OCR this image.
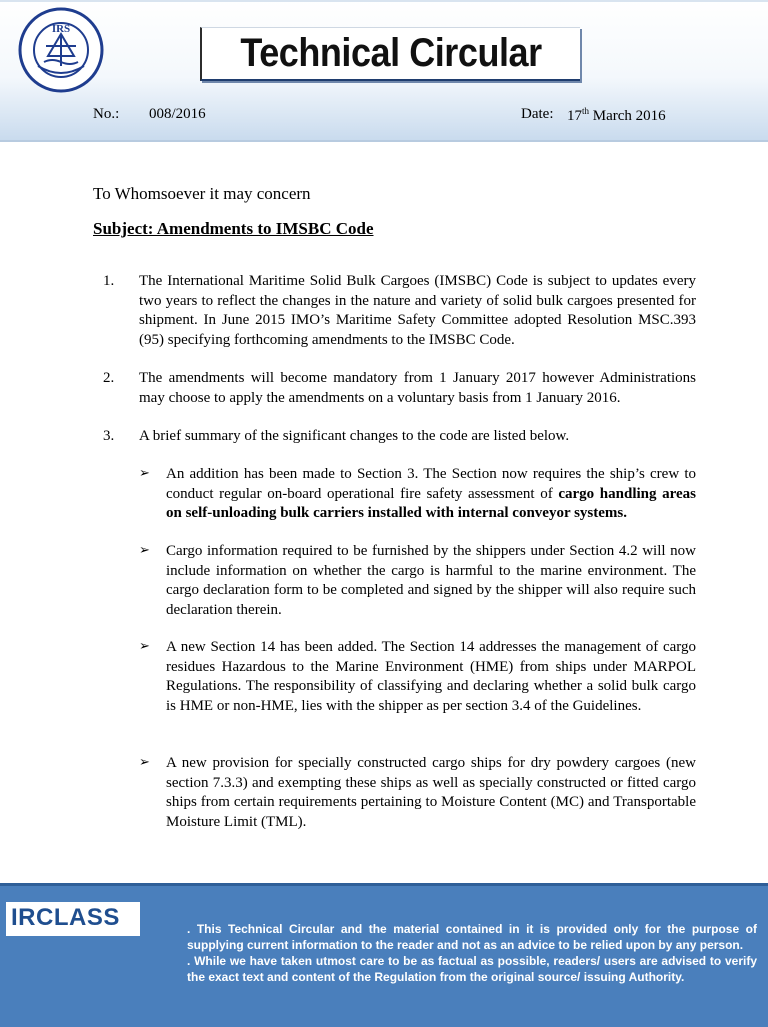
IRS
Technical Circular
No.: 008/2016	Date: 17th March 2016
To Whomsoever it may concern
Subject: Amendments to IMSBC Code
1. The International Maritime Solid Bulk Cargoes (IMSBC) Code is subject to updates every two years to reflect the changes in the nature and variety of solid bulk cargoes presented for shipment. In June 2015 IMO’s Maritime Safety Committee adopted Resolution MSC.393 (95) specifying forthcoming amendments to the IMSBC Code.
2. The amendments will become mandatory from 1 January 2017 however Administrations may choose to apply the amendments on a voluntary basis from 1 January 2016.
3. A brief summary of the significant changes to the code are listed below.
➢ An addition has been made to Section 3. The Section now requires the ship’s crew to conduct regular on-board operational fire safety assessment of cargo handling areas on self-unloading bulk carriers installed with internal conveyor systems.
➢ Cargo information required to be furnished by the shippers under Section 4.2 will now include information on whether the cargo is harmful to the marine environment. The cargo declaration form to be completed and signed by the shipper will also require such declaration therein.
➢ A new Section 14 has been added. The Section 14 addresses the management of cargo residues Hazardous to the Marine Environment (HME) from ships under MARPOL Regulations. The responsibility of classifying and declaring whether a solid bulk cargo is HME or non-HME, lies with the shipper as per section 3.4 of the Guidelines.
➢ A new provision for specially constructed cargo ships for dry powdery cargoes (new section 7.3.3) and exempting these ships as well as specially constructed or fitted cargo ships from certain requirements pertaining to Moisture Content (MC) and Transportable Moisture Limit (TML).
IRCLASS	. This Technical Circular and the material contained in it is provided only for the purpose of supplying current information to the reader and not as an advice to be relied upon by any person.
. While we have taken utmost care to be as factual as possible, readers/ users are advised to verify the exact text and content of the Regulation from the original source/ issuing Authority.
